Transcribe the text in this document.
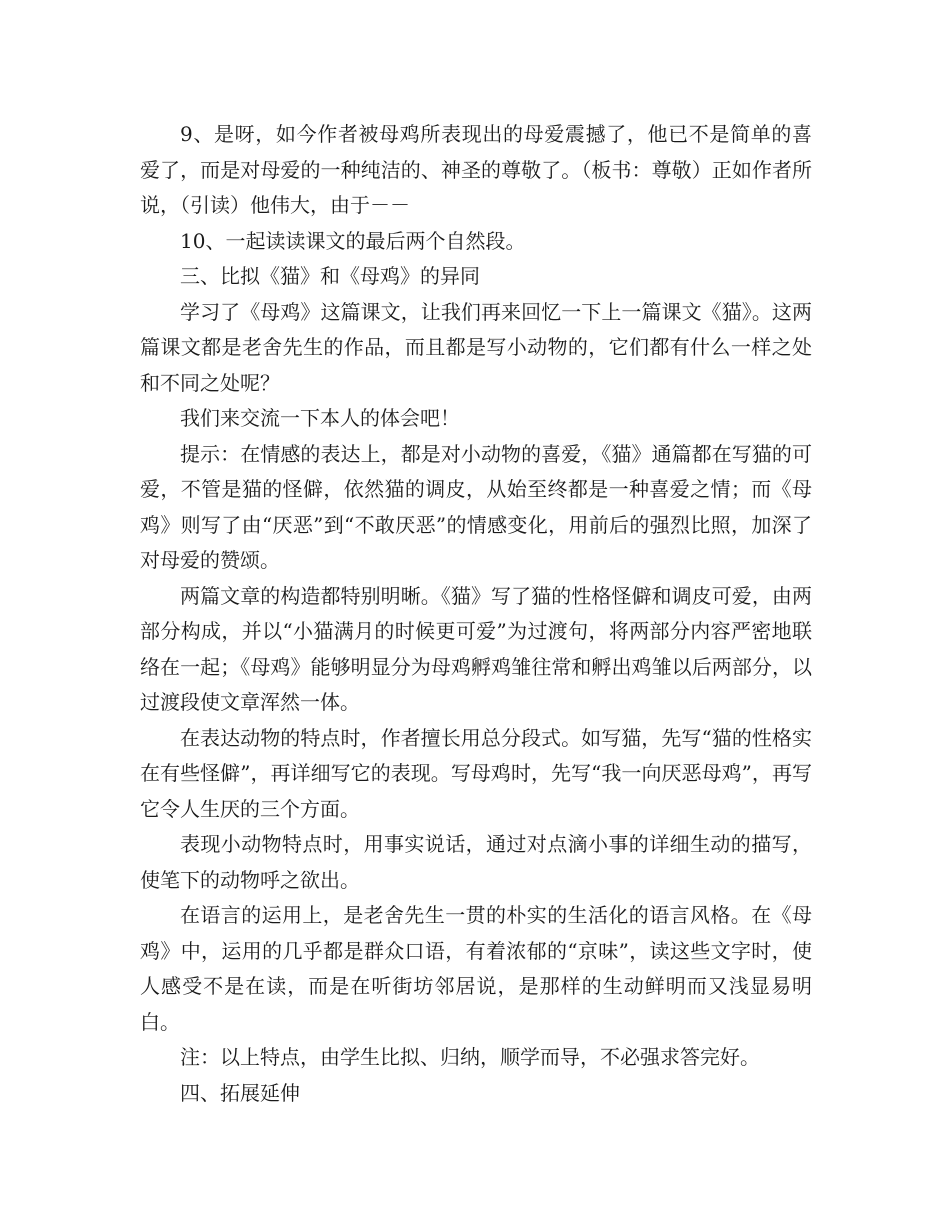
9、是呀，如今作者被母鸡所表现出的母爱震撼了，他已不是简单的喜爱了，而是对母爱的一种纯洁的、神圣的尊敬了。（板书：尊敬）正如作者所说，（引读）他伟大，由于－－

10、一起读读课文的最后两个自然段。

三、比拟《猫》和《母鸡》的异同

学习了《母鸡》这篇课文，让我们再来回忆一下上一篇课文《猫》。这两篇课文都是老舍先生的作品，而且都是写小动物的，它们都有什么一样之处和不同之处呢？

我们来交流一下本人的体会吧！

提示：在情感的表达上，都是对小动物的喜爱，《猫》通篇都在写猫的可爱，不管是猫的怪僻，依然猫的调皮，从始至终都是一种喜爱之情；而《母鸡》则写了由“厌恶”到“不敢厌恶”的情感变化，用前后的强烈比照，加深了对母爱的赞颂。

两篇文章的构造都特别明晰。《猫》写了猫的性格怪僻和调皮可爱，由两部分构成，并以“小猫满月的时候更可爱”为过渡句，将两部分内容严密地联络在一起；《母鸡》能够明显分为母鸡孵鸡雏往常和孵出鸡雏以后两部分，以过渡段使文章浑然一体。

在表达动物的特点时，作者擅长用总分段式。如写猫，先写“猫的性格实在有些怪僻”，再详细写它的表现。写母鸡时，先写“我一向厌恶母鸡”，再写它令人生厌的三个方面。

表现小动物特点时，用事实说话，通过对点滴小事的详细生动的描写，使笔下的动物呼之欲出。

在语言的运用上，是老舍先生一贯的朴实的生活化的语言风格。在《母鸡》中，运用的几乎都是群众口语，有着浓郁的“京味”，读这些文字时，使人感受不是在读，而是在听街坊邻居说，是那样的生动鲜明而又浅显易明白。

注：以上特点，由学生比拟、归纳，顺学而导，不必强求答完好。

四、拓展延伸
